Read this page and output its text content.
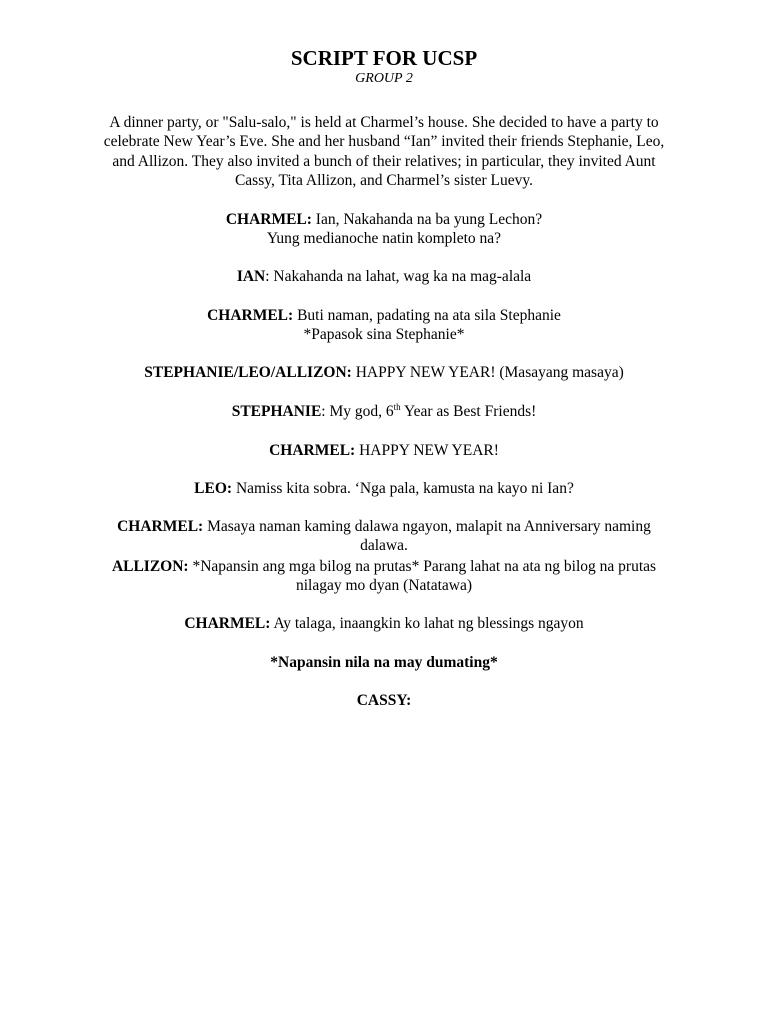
SCRIPT FOR UCSP
GROUP 2
A dinner party, or "Salu-salo," is held at Charmel’s house. She decided to have a party to celebrate New Year’s Eve. She and her husband “Ian” invited their friends Stephanie, Leo, and Allizon. They also invited a bunch of their relatives; in particular, they invited Aunt Cassy, Tita Allizon, and Charmel’s sister Luevy.
CHARMEL: Ian, Nakahanda na ba yung Lechon?
Yung medianoche natin kompleto na?
IAN: Nakahanda na lahat, wag ka na mag-alala
CHARMEL: Buti naman, padating na ata sila Stephanie
*Papasok sina Stephanie*
STEPHANIE/LEO/ALLIZON: HAPPY NEW YEAR! (Masayang masaya)
STEPHANIE: My god, 6th Year as Best Friends!
CHARMEL: HAPPY NEW YEAR!
LEO: Namiss kita sobra. ‘Nga pala, kamusta na kayo ni Ian?
CHARMEL: Masaya naman kaming dalawa ngayon, malapit na Anniversary naming dalawa.
ALLIZON: *Napansin ang mga bilog na prutas* Parang lahat na ata ng bilog na prutas nilagay mo dyan (Natatawa)
CHARMEL: Ay talaga, inaangkin ko lahat ng blessings ngayon
*Napansin nila na may dumating*
CASSY:
